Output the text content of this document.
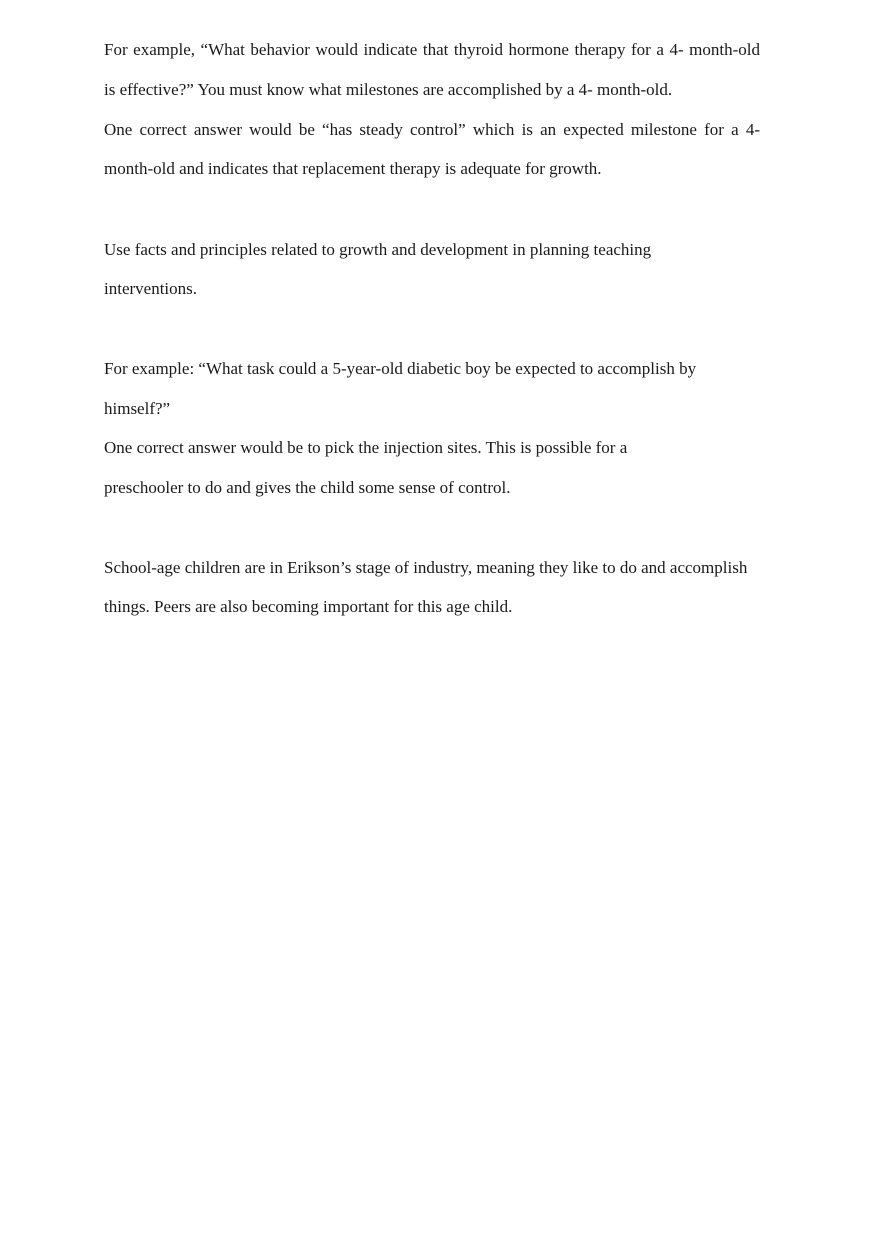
For example, “What behavior would indicate that thyroid hormone therapy for a 4- month-old
is effective?” You must know what milestones are accomplished by a 4- month-old.
One correct answer would be “has steady control” which is an expected milestone for a 4-
month-old and indicates that replacement therapy is adequate for growth.
Use facts and principles related to growth and development in planning teaching
interventions.
For example: “What task could a 5-year-old diabetic boy be expected to accomplish by
himself?”
One correct answer would be to pick the injection sites. This is possible for a
preschooler to do and gives the child some sense of control.
School-age children are in Erikson’s stage of industry, meaning they like to do and accomplish
things. Peers are also becoming important for this age child.
